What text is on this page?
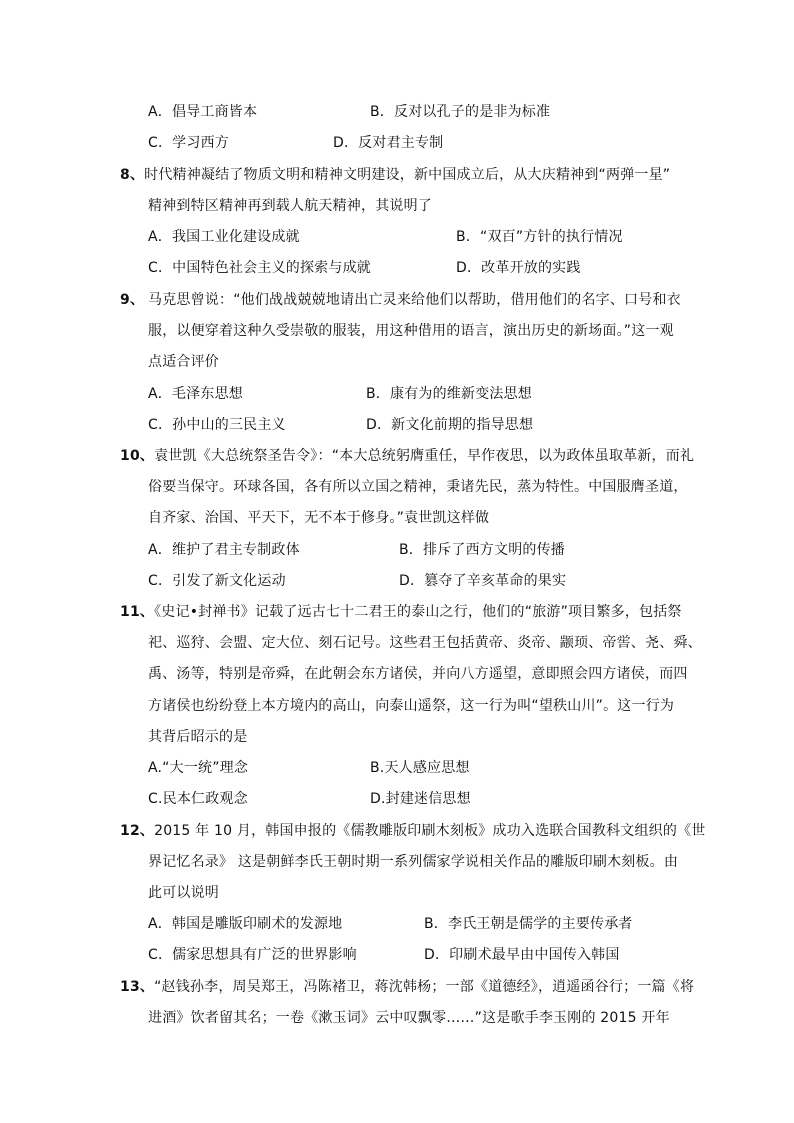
A．倡导工商皆本	B．反对以孔子的是非为标准
C．学习西方	D．反对君主专制
8、时代精神凝结了物质文明和精神文明建设，新中国成立后，从大庆精神到“两弹一星”
精神到特区精神再到载人航天精神，其说明了
A．我国工业化建设成就	B．“双百”方针的执行情况
C．中国特色社会主义的探索与成就	D．改革开放的实践
9、 马克思曾说：“他们战战兢兢地请出亡灵来给他们以帮助，借用他们的名字、口号和衣
服，以便穿着这种久受崇敬的服装，用这种借用的语言，演出历史的新场面。”这一观
点适合评价
A．毛泽东思想	B．康有为的维新变法思想
C．孙中山的三民主义	D．新文化前期的指导思想
10、袁世凯《大总统祭圣告令》：“本大总统躬膺重任，早作夜思，以为政体虽取革新，而礼
俗要当保守。环球各国，各有所以立国之精神，秉诸先民，蒸为特性。中国服膺圣道，
自齐家、治国、平天下，无不本于修身。”袁世凯这样做
A．维护了君主专制政体	B．排斥了西方文明的传播
C．引发了新文化运动	D．篡夺了辛亥革命的果实
11、《史记•封禅书》记载了远古七十二君王的泰山之行，他们的“旅游”项目繁多，包括祭
祀、巡狩、会盟、定大位、刻石记号。这些君王包括黄帝、炎帝、颛顼、帝喾、尧、舜、
禹、汤等，特别是帝舜，在此朝会东方诸侯，并向八方遥望，意即照会四方诸侯，而四
方诸侯也纷纷登上本方境内的高山，向泰山遥祭，这一行为叫“望秩山川”。这一行为
其背后昭示的是
A.“大一统”理念	B.天人感应思想
C.民本仁政观念	D.封建迷信思想
12、2015 年 10 月，韩国申报的《儒教雕版印刷木刻板》成功入选联合国教科文组织的《世
界记忆名录》 这是朝鲜李氏王朝时期一系列儒家学说相关作品的雕版印刷木刻板。由
此可以说明
A．韩国是雕版印刷术的发源地	B．李氏王朝是儒学的主要传承者
C．儒家思想具有广泛的世界影响	D．印刷术最早由中国传入韩国
13、“赵钱孙李，周吴郑王，冯陈褚卫，蒋沈韩杨；一部《道德经》，逍遥函谷行；一篇《将
进酒》饮者留其名；一卷《漱玉词》云中叹飘零……”这是歌手李玉刚的 2015 开年
